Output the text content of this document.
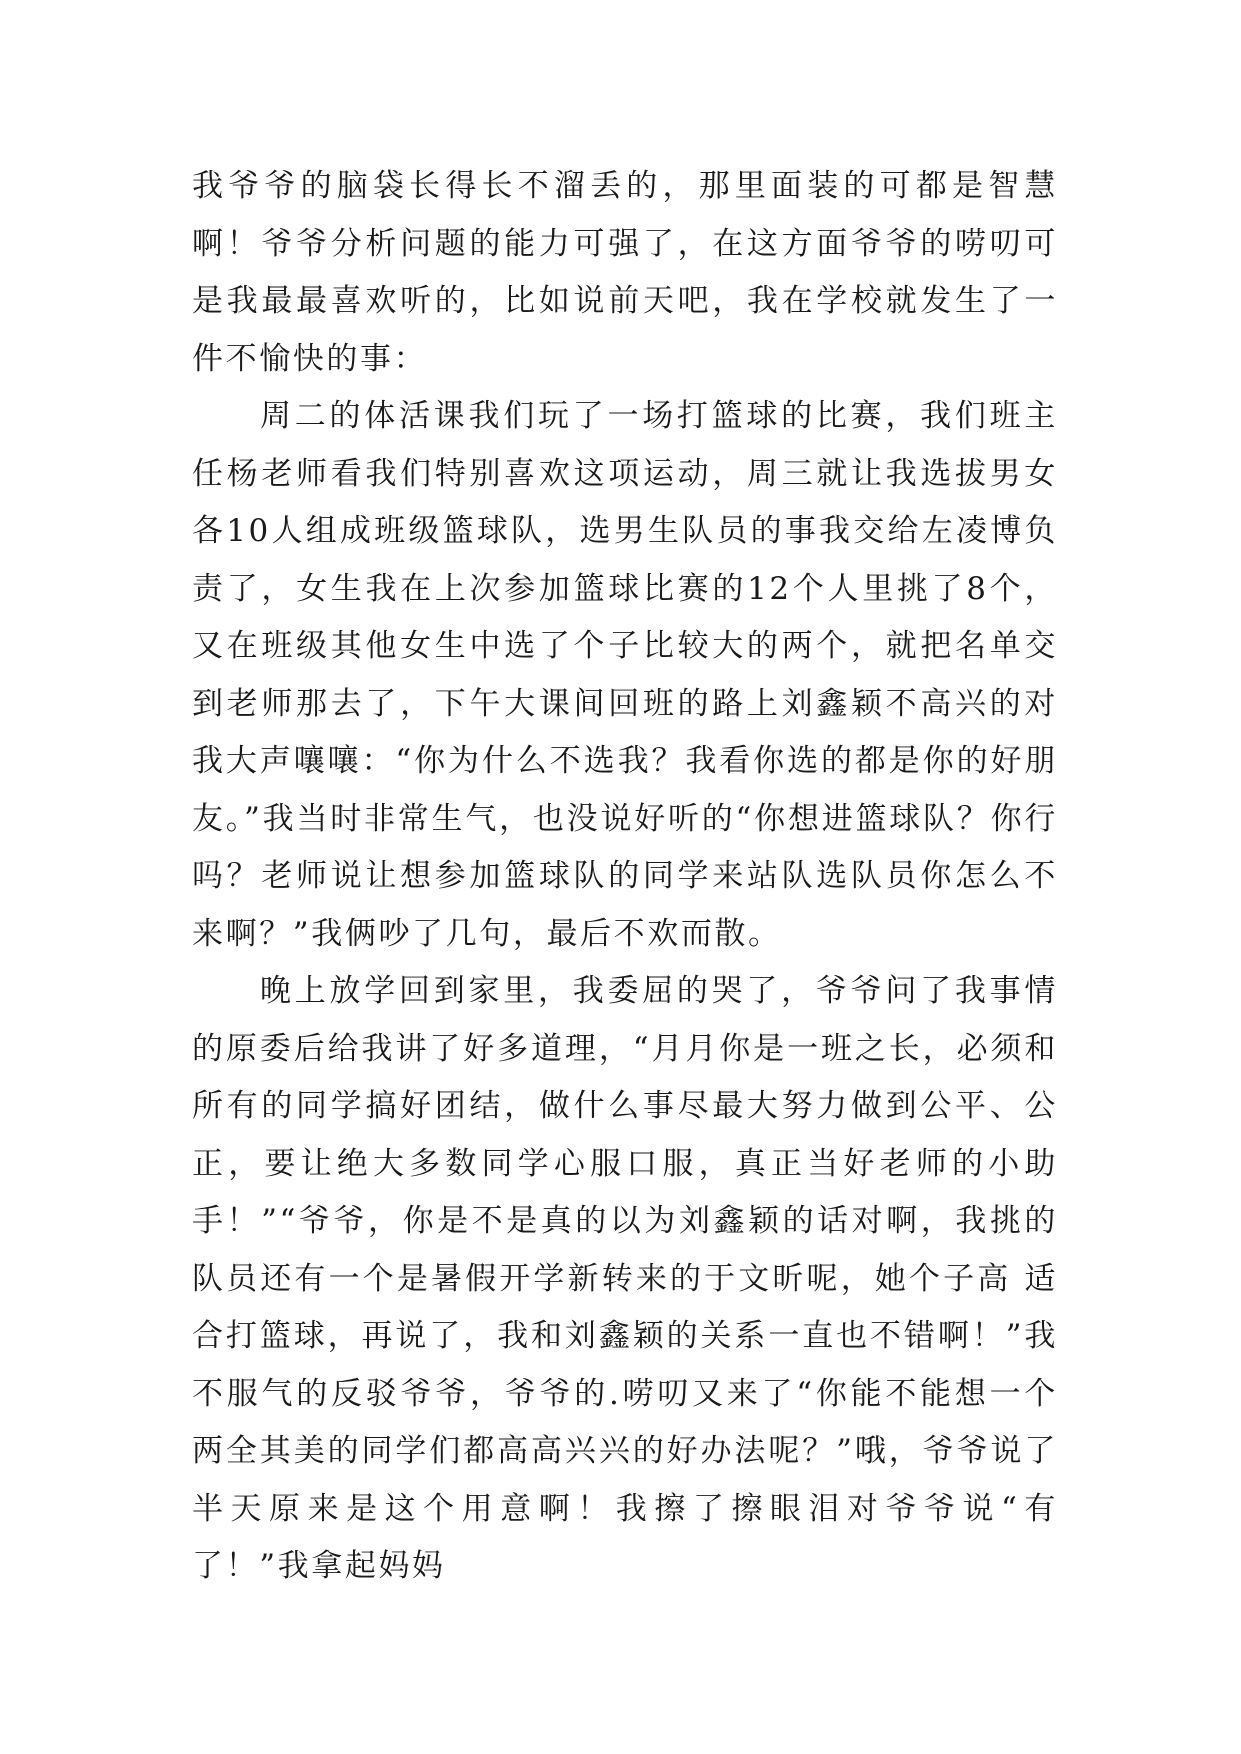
我爷爷的脑袋长得长不溜丢的，那里面装的可都是智慧啊！爷爷分析问题的能力可强了，在这方面爷爷的唠叨可是我最最喜欢听的，比如说前天吧，我在学校就发生了一件不愉快的事：

周二的体活课我们玩了一场打篮球的比赛，我们班主任杨老师看我们特别喜欢这项运动，周三就让我选拔男女各10人组成班级篮球队，选男生队员的事我交给左凌博负责了，女生我在上次参加篮球比赛的12个人里挑了8个，又在班级其他女生中选了个子比较大的两个，就把名单交到老师那去了，下午大课间回班的路上刘鑫颖不高兴的对我大声嚷嚷：“你为什么不选我？我看你选的都是你的好朋友。”我当时非常生气，也没说好听的“你想进篮球队？你行吗？老师说让想参加篮球队的同学来站队选队员你怎么不来啊？”我俩吵了几句，最后不欢而散。

晚上放学回到家里，我委屈的哭了，爷爷问了我事情的原委后给我讲了好多道理，“月月你是一班之长，必须和所有的同学搞好团结，做什么事尽最大努力做到公平、公正，要让绝大多数同学心服口服，真正当好老师的小助手！”“爷爷，你是不是真的以为刘鑫颖的话对啊，我挑的队员还有一个是暑假开学新转来的于文昕呢，她个子高 适合打篮球，再说了，我和刘鑫颖的关系一直也不错啊！”我不服气的反驳爷爷，爷爷的.唠叨又来了“你能不能想一个两全其美的同学们都高高兴兴的好办法呢？”哦，爷爷说了半天原来是这个用意啊！我擦了擦眼泪对爷爷说“有了！”我拿起妈妈
